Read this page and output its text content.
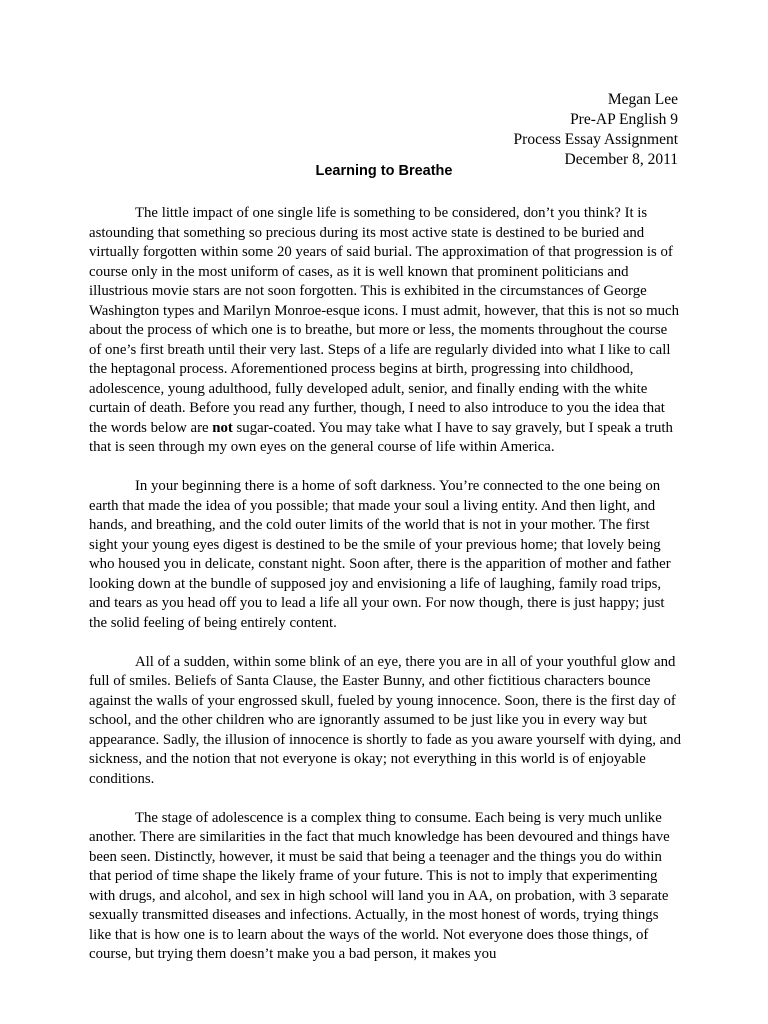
Megan Lee
Pre-AP English 9
Process Essay Assignment
December 8, 2011
Learning to Breathe

The little impact of one single life is something to be considered, don’t you think? It is astounding that something so precious during its most active state is destined to be buried and virtually forgotten within some 20 years of said burial. The approximation of that progression is of course only in the most uniform of cases, as it is well known that prominent politicians and illustrious movie stars are not soon forgotten. This is exhibited in the circumstances of George Washington types and Marilyn Monroe-esque icons. I must admit, however, that this is not so much about the process of which one is to breathe, but more or less, the moments throughout the course of one’s first breath until their very last. Steps of a life are regularly divided into what I like to call the heptagonal process. Aforementioned process begins at birth, progressing into childhood, adolescence, young adulthood, fully developed adult, senior, and finally ending with the white curtain of death. Before you read any further, though, I need to also introduce to you the idea that the words below are not sugar-coated. You may take what I have to say gravely, but I speak a truth that is seen through my own eyes on the general course of life within America.

In your beginning there is a home of soft darkness. You’re connected to the one being on earth that made the idea of you possible; that made your soul a living entity. And then light, and hands, and breathing, and the cold outer limits of the world that is not in your mother. The first sight your young eyes digest is destined to be the smile of your previous home; that lovely being who housed you in delicate, constant night. Soon after, there is the apparition of mother and father looking down at the bundle of supposed joy and envisioning a life of laughing, family road trips, and tears as you head off you to lead a life all your own. For now though, there is just happy; just the solid feeling of being entirely content.

All of a sudden, within some blink of an eye, there you are in all of your youthful glow and full of smiles. Beliefs of Santa Clause, the Easter Bunny, and other fictitious characters bounce against the walls of your engrossed skull, fueled by young innocence. Soon, there is the first day of school, and the other children who are ignorantly assumed to be just like you in every way but appearance. Sadly, the illusion of innocence is shortly to fade as you aware yourself with dying, and sickness, and the notion that not everyone is okay; not everything in this world is of enjoyable conditions.

The stage of adolescence is a complex thing to consume. Each being is very much unlike another. There are similarities in the fact that much knowledge has been devoured and things have been seen. Distinctly, however, it must be said that being a teenager and the things you do within that period of time shape the likely frame of your future. This is not to imply that experimenting with drugs, and alcohol, and sex in high school will land you in AA, on probation, with 3 separate sexually transmitted diseases and infections. Actually, in the most honest of words, trying things like that is how one is to learn about the ways of the world. Not everyone does those things, of course, but trying them doesn’t make you a bad person, it makes you
